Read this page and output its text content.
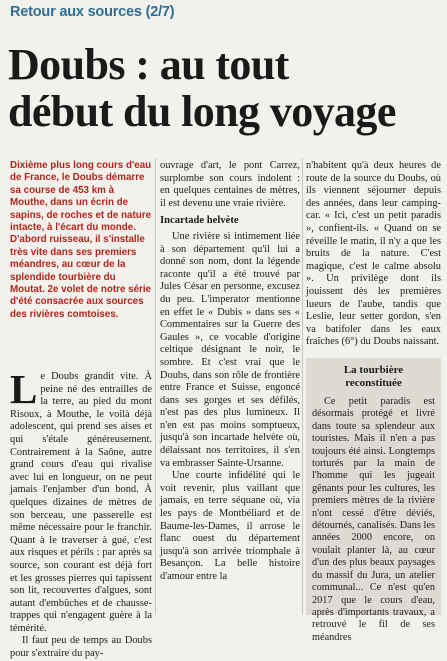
Retour aux sources (2/7)
Doubs : au tout
début du long voyage

Dixième plus long cours d'eau de France, le Doubs démarre sa course de 453 km à Mouthe, dans un écrin de sapins, de roches et de nature intacte, à l'écart du monde. D'abord ruisseau, il s'installe très vite dans ses premiers méandres, au cœur de la splendide tourbière du Moutat. 2e volet de notre série d'été consacrée aux sources des rivières comtoises.

Le Doubs grandit vite. À peine né des entrailles de la terre, au pied du mont Risoux, à Mouthe, le voilà déjà adolescent, qui prend ses aises et qui s'étale généreusement. Contrairement à la Saône, autre grand cours d'eau qui rivalise avec lui en longueur, on ne peut jamais l'enjamber d'un bond. À quelques dizaines de mètres de son berceau, une passerelle est même nécessaire pour le franchir. Quant à le traverser à gué, c'est aux risques et périls : par après sa source, son courant est déjà fort et les grosses pierres qui tapissent son lit, recouvertes d'algues, sont autant d'embûches et de chausse-trappes qui n'engagent guère à la témérité.

Il faut peu de temps au Doubs pour s'extraire du pay-

ouvrage d'art, le pont Carrez, surplombe son cours indolent : en quelques centaines de mètres, il est devenu une vraie rivière.

Incartade helvète

Une rivière si intimement liée à son département qu'il lui a donné son nom, dont la légende raconte qu'il a été trouvé par Jules César en personne, excusez du peu. L'imperator mentionne en effet le « Dubis » dans ses « Commentaires sur la Guerre des Gaules », ce vocable d'origine celtique désignant le noir, le sombre. Et c'est vrai que le Doubs, dans son rôle de frontière entre France et Suisse, engoncé dans ses gorges et ses défilés, n'est pas des plus lumineux. Il n'en est pas moins somptueux, jusqu'à son incartade helvète où, délaissant nos territoires, il s'en va embrasser Sainte-Ursanne.

Une courte infidélité qui le voit revenir, plus vaillant que jamais, en terre séquane où, via les pays de Montbéliard et de Baume-les-Dames, il arrose le flanc ouest du département jusqu'à son arrivée triomphale à Besançon. La belle histoire d'amour entre la

n'habitent qu'à deux heures de route de la source du Doubs, où ils viennent séjourner depuis des années, dans leur camping-car. « Ici, c'est un petit paradis », confient-ils. « Quand on se réveille le matin, il n'y a que les bruits de la nature. C'est magique, c'est le calme absolu ». Un privilège dont ils jouissent dès les premières lueurs de l'aube, tandis que Leslie, leur setter gordon, s'en va batifoler dans les eaux fraîches (6°) du Doubs naissant.

La tourbière
reconstituée

Ce petit paradis est désormais protégé et livré dans toute sa splendeur aux touristes. Mais il n'en a pas toujours été ainsi. Longtemps torturés par la main de l'homme qui les jugeait gênants pour les cultures, les premiers mètres de la rivière n'ont cessé d'être déviés, détournés, canalisés. Dans les années 2000 encore, on voulait planter là, au cœur d'un des plus beaux paysages du massif du Jura, un atelier communal... Ce n'est qu'en 2017 que le cours d'eau, après d'importants travaux, a retrouvé le fil de ses méandres
